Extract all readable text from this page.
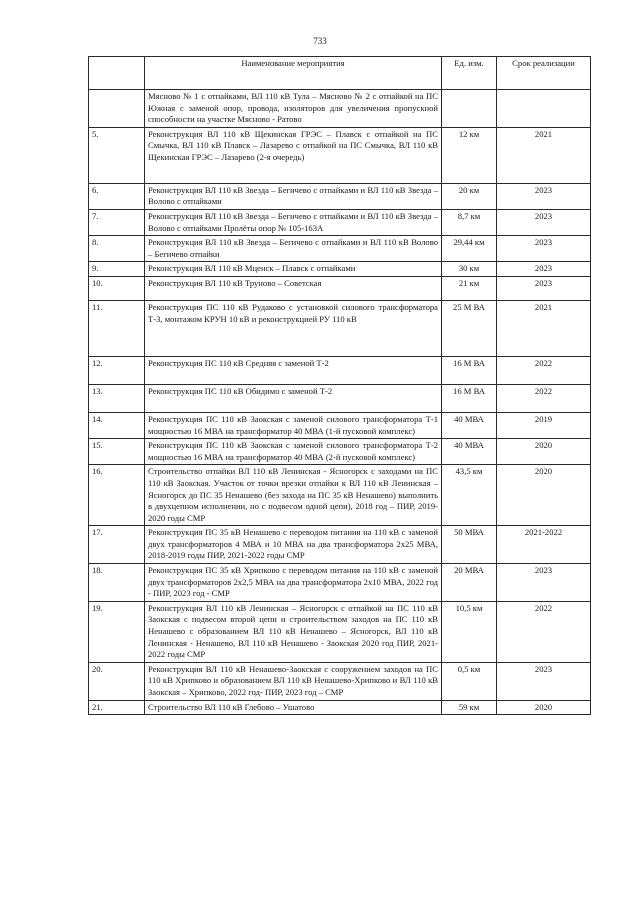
733
	Наименование мероприятия	Ед. изм.	Срок реализации
	Мясново № 1 с отпайками, ВЛ 110 кВ Тула – Мясново № 2 с отпайкой на ПС Южная с заменой опор, провода, изоляторов для увеличения пропускной способности на участке Мясново - Ратово		
5.	Реконструкция ВЛ 110 кВ Щекинская ГРЭС – Плавск с отпайкой на ПС Смычка, ВЛ 110 кВ Плавск – Лазарево с отпайкой на ПС Смычка, ВЛ 110 кВ Щекинская ГРЭС – Лазарево (2-я очередь)	12 км	2021
6.	Реконструкция ВЛ 110 кВ Звезда – Бегичево с отпайками и ВЛ 110 кВ Звезда – Волово с отпайками	20 км	2023
7.	Реконструкция ВЛ 110 кВ Звезда – Бегичево с отпайками и ВЛ 110 кВ Звезда – Волово с отпайками Пролёты опор № 105-163А	8,7 км	2023
8.	Реконструкция ВЛ 110 кВ Звезда – Бегичево с отпайками и ВЛ 110 кВ Волово – Бегичево отпайки	29,44 км	2023
9.	Реконструкция ВЛ 110 кВ Мценск – Плавск с отпайками	30 км	2023
10.	Реконструкция ВЛ 110 кВ Труново – Советская	21 км	2023
11.	Реконструкция ПС 110 кВ Рудаково с установкой силового трансформатора Т-3, монтажом КРУН 10 кВ и реконструкцией РУ 110 кВ	25 М ВА	2021
12.	Реконструкция ПС 110 кВ Средняя с заменой Т-2	16 М ВА	2022
13.	Реконструкция ПС 110 кВ Обидимо с заменой Т-2	16 М ВА	2022
14.	Реконструкция ПС 110 кВ Заокская с заменой силового трансформатора Т-1 мощностью 16 МВА на трансформатор 40 МВА (1-й пусковой комплекс)	40 МВА	2019
15.	Реконструкция ПС 110 кВ Заокская с заменой силового трансформатора Т-2 мощностью 16 МВА на трансформатор 40 МВА (2-й пусковой комплекс)	40 МВА	2020
16.	Строительство отпайки ВЛ 110 кВ Ленинская - Ясногорск с заходами на ПС 110 кВ Заокская. Участок от точки врезки отпайки к ВЛ 110 кВ Ленинская – Ясногорск до ПС 35 Ненашево (без захода на ПС 35 кВ Ненашево) выполнить в двухцепном исполнении, но с подвесом одной цепи), 2018 год – ПИР, 2019-2020 годы СМР	43,5 км	2020
17.	Реконструкция ПС 35 кВ Ненашево с переводом питания на 110 кВ с заменой двух трансформаторов 4 МВА и 10 МВА на два трансформатора 2х25 МВА, 2018-2019 годы ПИР, 2021-2022 годы СМР	50 МВА	2021-2022
18.	Реконструкция ПС 35 кВ Хрипково с переводом питания на 110 кВ с заменой двух трансформаторов 2х2,5 МВА на два трансформатора 2х10 МВА, 2022 год - ПИР, 2023 год - СМР	20 МВА	2023
19.	Реконструкция ВЛ 110 кВ Ленинская – Ясногорск с отпайкой на ПС 110 кВ Заокская с подвесом второй цепи и строительством заходов на ПС 110 кВ Ненашево с образованием ВЛ 110 кВ Ненашево – Ясногорск, ВЛ 110 кВ Ленинская - Ненашево, ВЛ 110 кВ Ненашево - Заокская 2020 год ПИР, 2021-2022 годы СМР	10,5 км	2022
20.	Реконструкция ВЛ 110 кВ Ненашево-Заокская с сооружением заходов на ПС 110 кВ Хрипково и образованием ВЛ 110 кВ Ненашево-Хрипково и ВЛ 110 кВ Заокская – Хрипково, 2022 год- ПИР, 2023 год – СМР	0,5 км	2023
21.	Строительство ВЛ 110 кВ Глебово – Ушатово	59 км	2020
